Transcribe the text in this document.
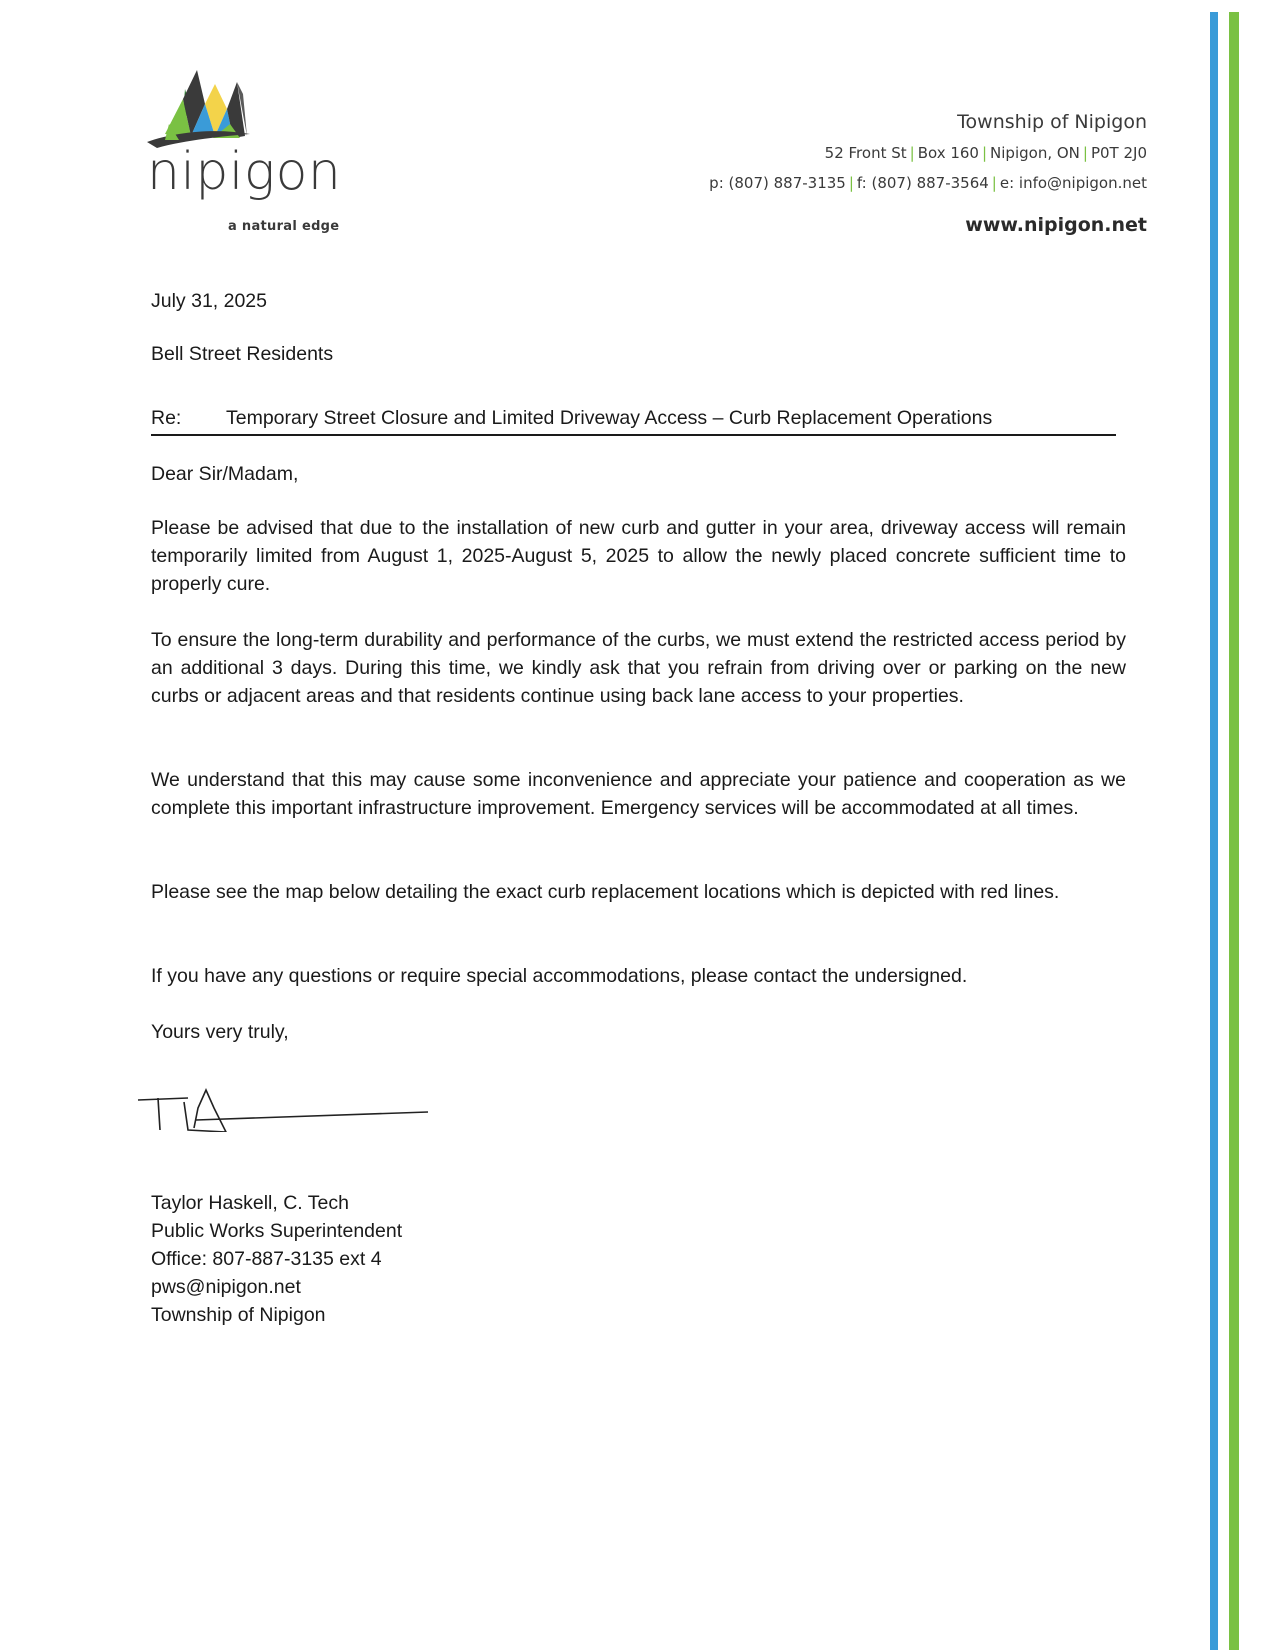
nipigon
a natural edge
Township of Nipigon
52 Front St | Box 160 | Nipigon, ON | P0T 2J0
p: (807) 887-3135 | f: (807) 887-3564 | e: info@nipigon.net
www.nipigon.net
July 31, 2025
Bell Street Residents
Re: Temporary Street Closure and Limited Driveway Access – Curb Replacement Operations
Dear Sir/Madam,
Please be advised that due to the installation of new curb and gutter in your area, driveway access will remain temporarily limited from August 1, 2025-August 5, 2025 to allow the newly placed concrete sufficient time to properly cure.
To ensure the long-term durability and performance of the curbs, we must extend the restricted access period by an additional 3 days. During this time, we kindly ask that you refrain from driving over or parking on the new curbs or adjacent areas and that residents continue using back lane access to your properties.
We understand that this may cause some inconvenience and appreciate your patience and cooperation as we complete this important infrastructure improvement. Emergency services will be accommodated at all times.
Please see the map below detailing the exact curb replacement locations which is depicted with red lines.
If you have any questions or require special accommodations, please contact the undersigned.
Yours very truly,
Taylor Haskell, C. Tech
Public Works Superintendent
Office: 807-887-3135 ext 4
pws@nipigon.net
Township of Nipigon
